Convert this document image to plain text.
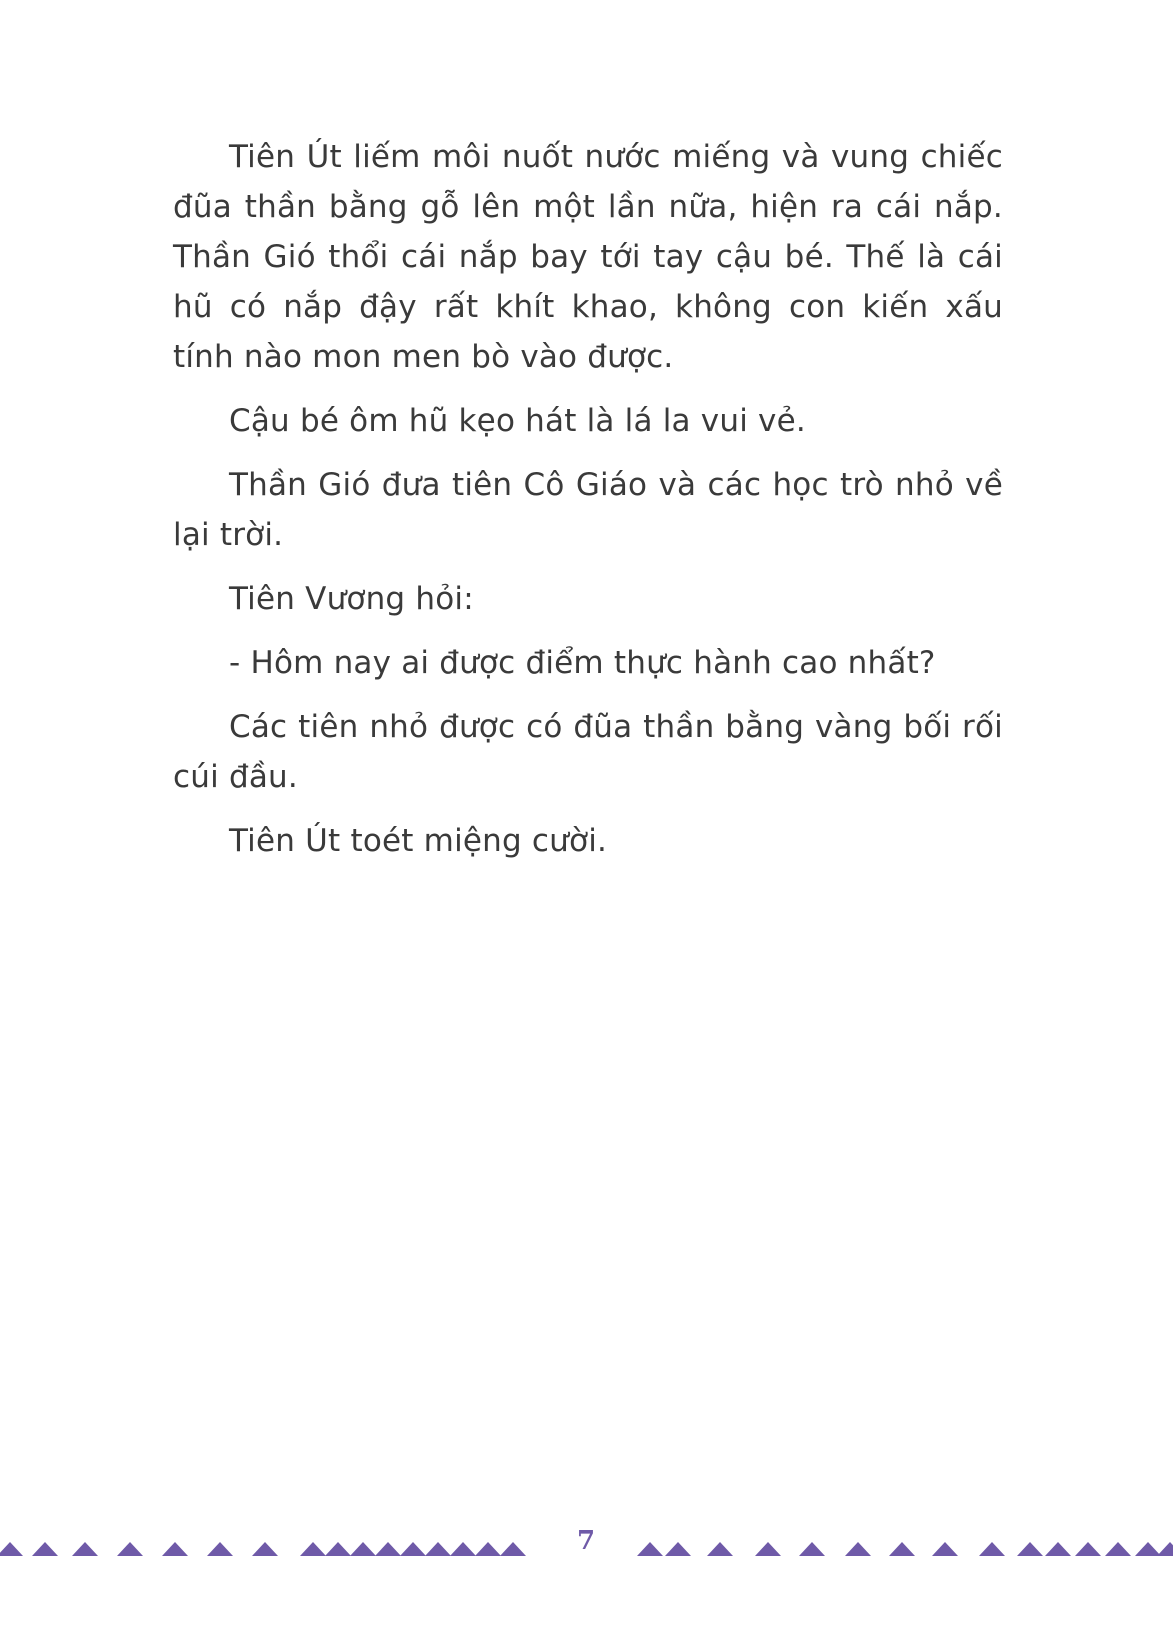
Tiên Út liếm môi nuốt nước miếng và vung chiếc đũa thần bằng gỗ lên một lần nữa, hiện ra cái nắp. Thần Gió thổi cái nắp bay tới tay cậu bé. Thế là cái hũ có nắp đậy rất khít khao, không con kiến xấu tính nào mon men bò vào được.

Cậu bé ôm hũ kẹo hát là lá la vui vẻ.

Thần Gió đưa tiên Cô Giáo và các học trò nhỏ về lại trời.

Tiên Vương hỏi:

- Hôm nay ai được điểm thực hành cao nhất?

Các tiên nhỏ được có đũa thần bằng vàng bối rối cúi đầu.

Tiên Út toét miệng cười.

7
